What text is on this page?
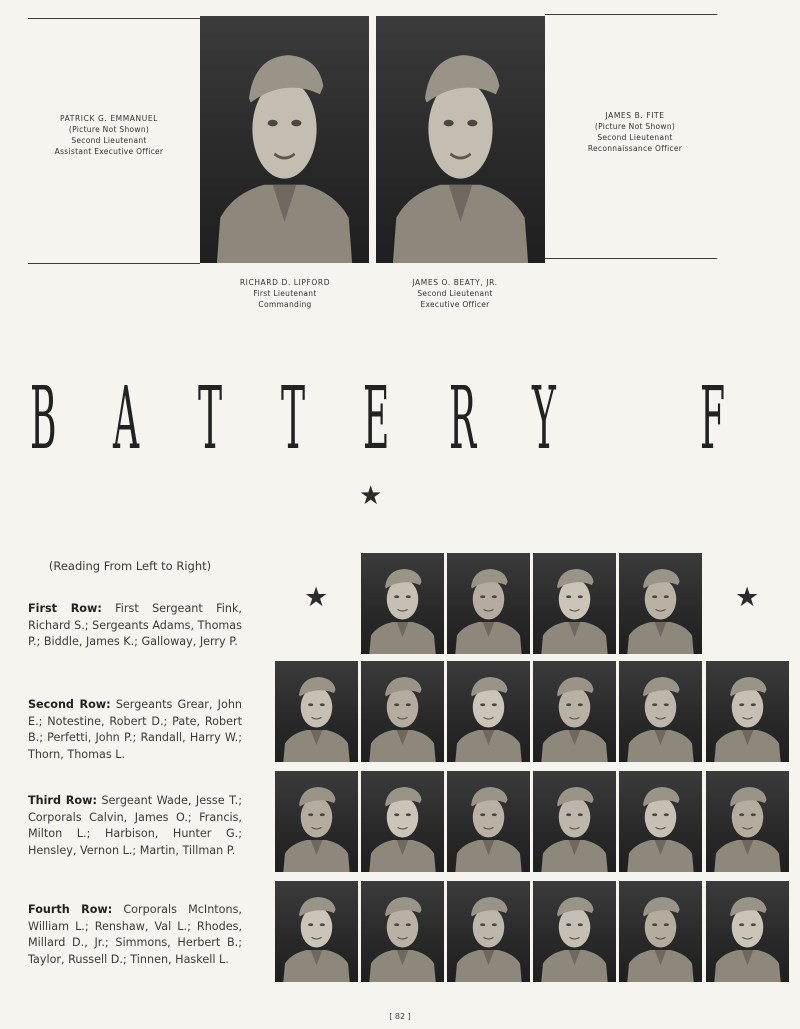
PATRICK G. EMMANUEL
(Picture Not Shown)
Second Lieutenant
Assistant Executive Officer
JAMES B. FITE
(Picture Not Shown)
Second Lieutenant
Reconnaissance Officer
RICHARD D. LIPFORD
First Lieutenant
Commanding
JAMES O. BEATY, JR.
Second Lieutenant
Executive Officer
B A T T E R Y F
★
(Reading From Left to Right)
First Row: First Sergeant Fink, Richard S.; Sergeants Adams, Thomas P.; Biddle, James K.; Galloway, Jerry P.
Second Row: Sergeants Grear, John E.; Notestine, Robert D.; Pate, Robert B.; Perfetti, John P.; Randall, Harry W.; Thorn, Thomas L.
Third Row: Sergeant Wade, Jesse T.; Corporals Calvin, James O.; Francis, Milton L.; Harbison, Hunter G.; Hensley, Vernon L.; Martin, Tillman P.
Fourth Row: Corporals McIntons, William L.; Renshaw, Val L.; Rhodes, Millard D., Jr.; Simmons, Herbert B.; Taylor, Russell D.; Tinnen, Haskell L.
★	★
[ 82 ]
